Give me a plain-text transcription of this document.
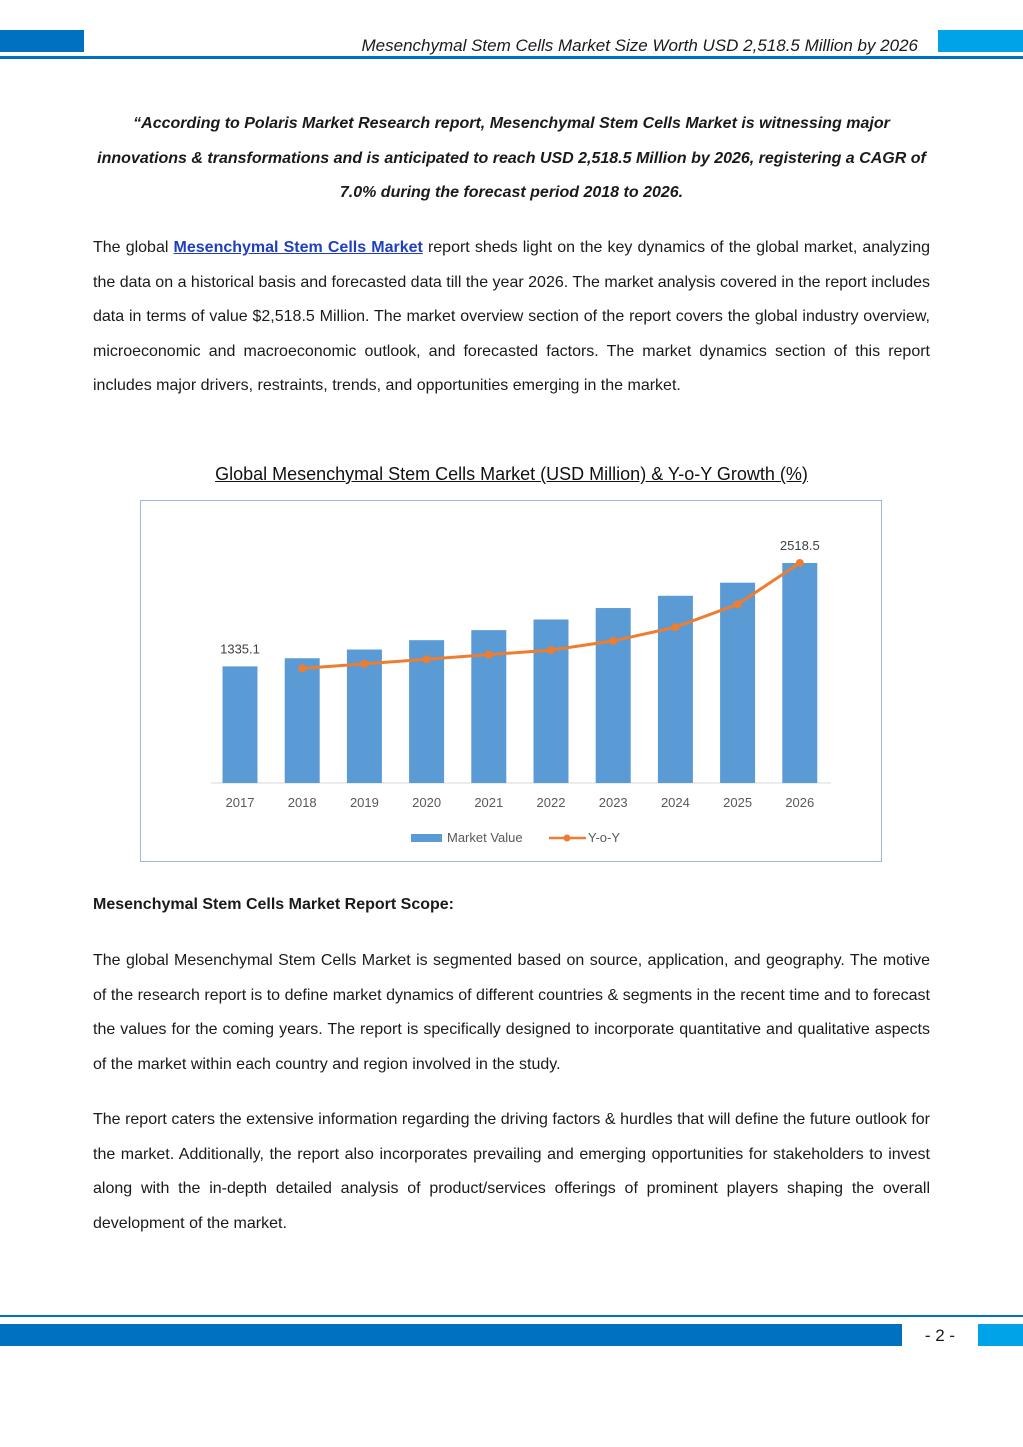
Mesenchymal Stem Cells Market Size Worth USD 2,518.5 Million by 2026
“According to Polaris Market Research report, Mesenchymal Stem Cells Market is witnessing major innovations & transformations and is anticipated to reach USD 2,518.5 Million by 2026, registering a CAGR of 7.0% during the forecast period 2018 to 2026.
The global Mesenchymal Stem Cells Market report sheds light on the key dynamics of the global market, analyzing the data on a historical basis and forecasted data till the year 2026. The market analysis covered in the report includes data in terms of value $2,518.5 Million. The market overview section of the report covers the global industry overview, microeconomic and macroeconomic outlook, and forecasted factors. The market dynamics section of this report includes major drivers, restraints, trends, and opportunities emerging in the market.
Global Mesenchymal Stem Cells Market (USD Million) & Y-o-Y Growth (%)
1335.1
2518.5
2017	2018	2019	2020	2021	2022	2023	2024	2025	2026
Market Value	Y-o-Y
Mesenchymal Stem Cells Market Report Scope:
The global Mesenchymal Stem Cells Market is segmented based on source, application, and geography. The motive of the research report is to define market dynamics of different countries & segments in the recent time and to forecast the values for the coming years. The report is specifically designed to incorporate quantitative and qualitative aspects of the market within each country and region involved in the study.
The report caters the extensive information regarding the driving factors & hurdles that will define the future outlook for the market. Additionally, the report also incorporates prevailing and emerging opportunities for stakeholders to invest along with the in-depth detailed analysis of product/services offerings of prominent players shaping the overall development of the market.
- 2 -
